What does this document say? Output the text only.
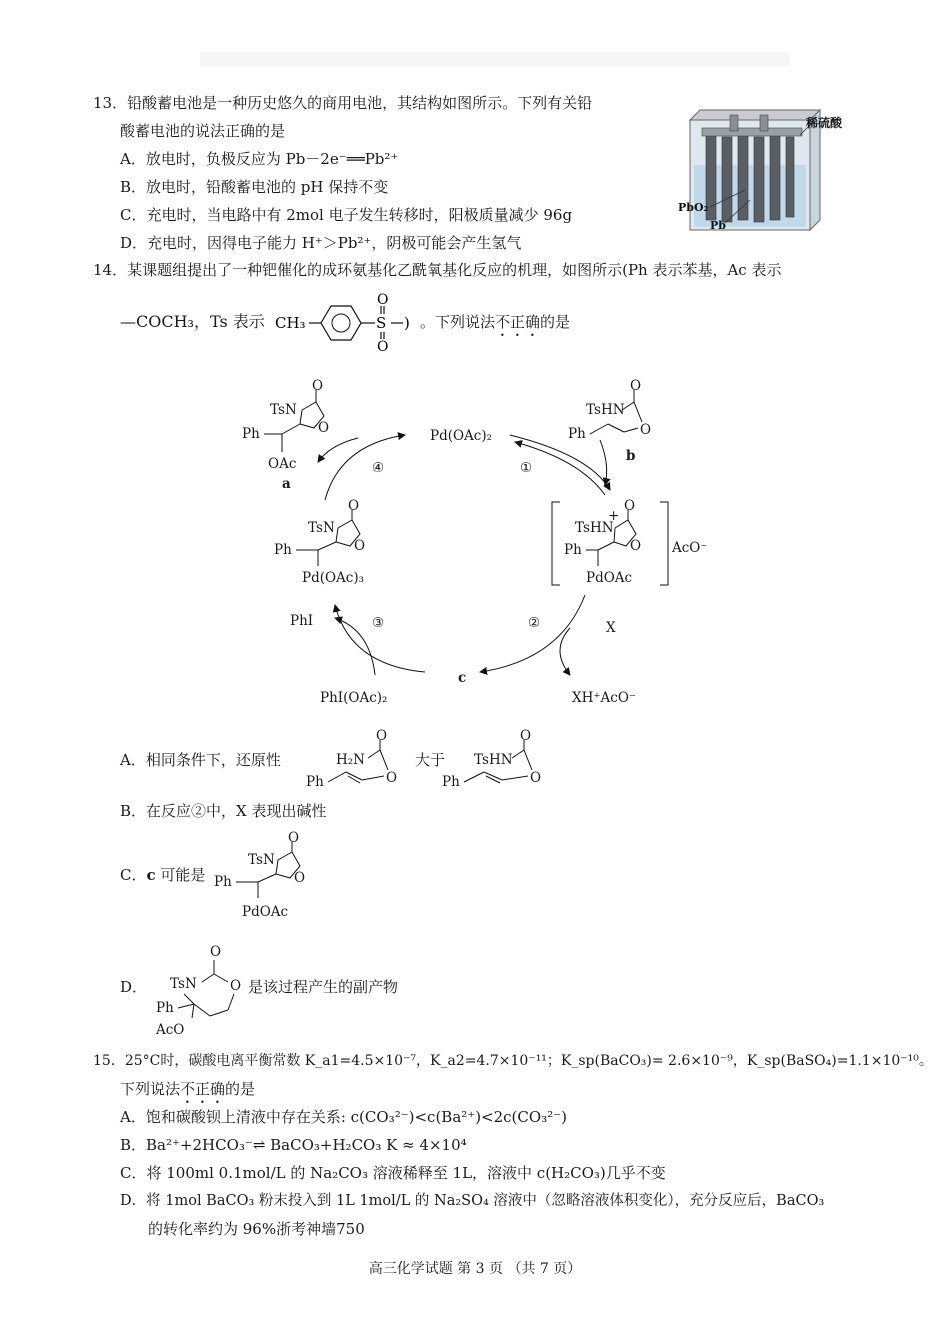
13．铅酸蓄电池是一种历史悠久的商用电池，其结构如图所示。下列有关铅
酸蓄电池的说法正确的是
A．放电时，负极反应为 Pb－2e⁻══Pb²⁺
B．放电时，铅酸蓄电池的 pH 保持不变
C．充电时，当电路中有 2mol 电子发生转移时，阳极质量减少 96g
D．充电时，因得电子能力 H⁺＞Pb²⁺，阴极可能会产生氢气
稀硫酸
PbO₂
Pb
14．某课题组提出了一种钯催化的成环氨基化乙酰氧基化反应的机理，如图所示(Ph 表示苯基，Ac 表示
—COCH₃，Ts 表示 CH₃	S
O
O
) 。下列说法不正确的是
Pd(OAc)₂
①
②
③
④
PhI
PhI(OAc)₂
c
X
XH⁺AcO⁻
TsN
O
O
Ph
OAc
a
TsHN
O
O
Ph
b
TsHN
+
O
O
Ph
PdOAc
AcO⁻
TsN
O
O
Ph
Pd(OAc)₃
A．相同条件下，还原性	H₂N
O
O
Ph
大于 TsHN
O
O
Ph
B．在反应②中，X 表现出碱性
C．c 可能是
TsN
O
O
Ph
PdOAc
D． TsN
O
O
Ph
AcO
是该过程产生的副产物
15．25°C时，碳酸电离平衡常数 K_a1=4.5×10⁻⁷，K_a2=4.7×10⁻¹¹；K_sp(BaCO₃)= 2.6×10⁻⁹，K_sp(BaSO₄)=1.1×10⁻¹⁰。
下列说法不正确的是
A．饱和碳酸钡上清液中存在关系: c(CO₃²⁻)<c(Ba²⁺)<2c(CO₃²⁻)
B．Ba²⁺+2HCO₃⁻⇌ BaCO₃+H₂CO₃ K ≈ 4×10⁴
C．将 100ml 0.1mol/L 的 Na₂CO₃ 溶液稀释至 1L，溶液中 c(H₂CO₃)几乎不变
D．将 1mol BaCO₃ 粉末投入到 1L 1mol/L 的 Na₂SO₄ 溶液中（忽略溶液体积变化），充分反应后，BaCO₃
的转化率约为 96%浙考神墙750
高三化学试题 第 3 页 （共 7 页）
